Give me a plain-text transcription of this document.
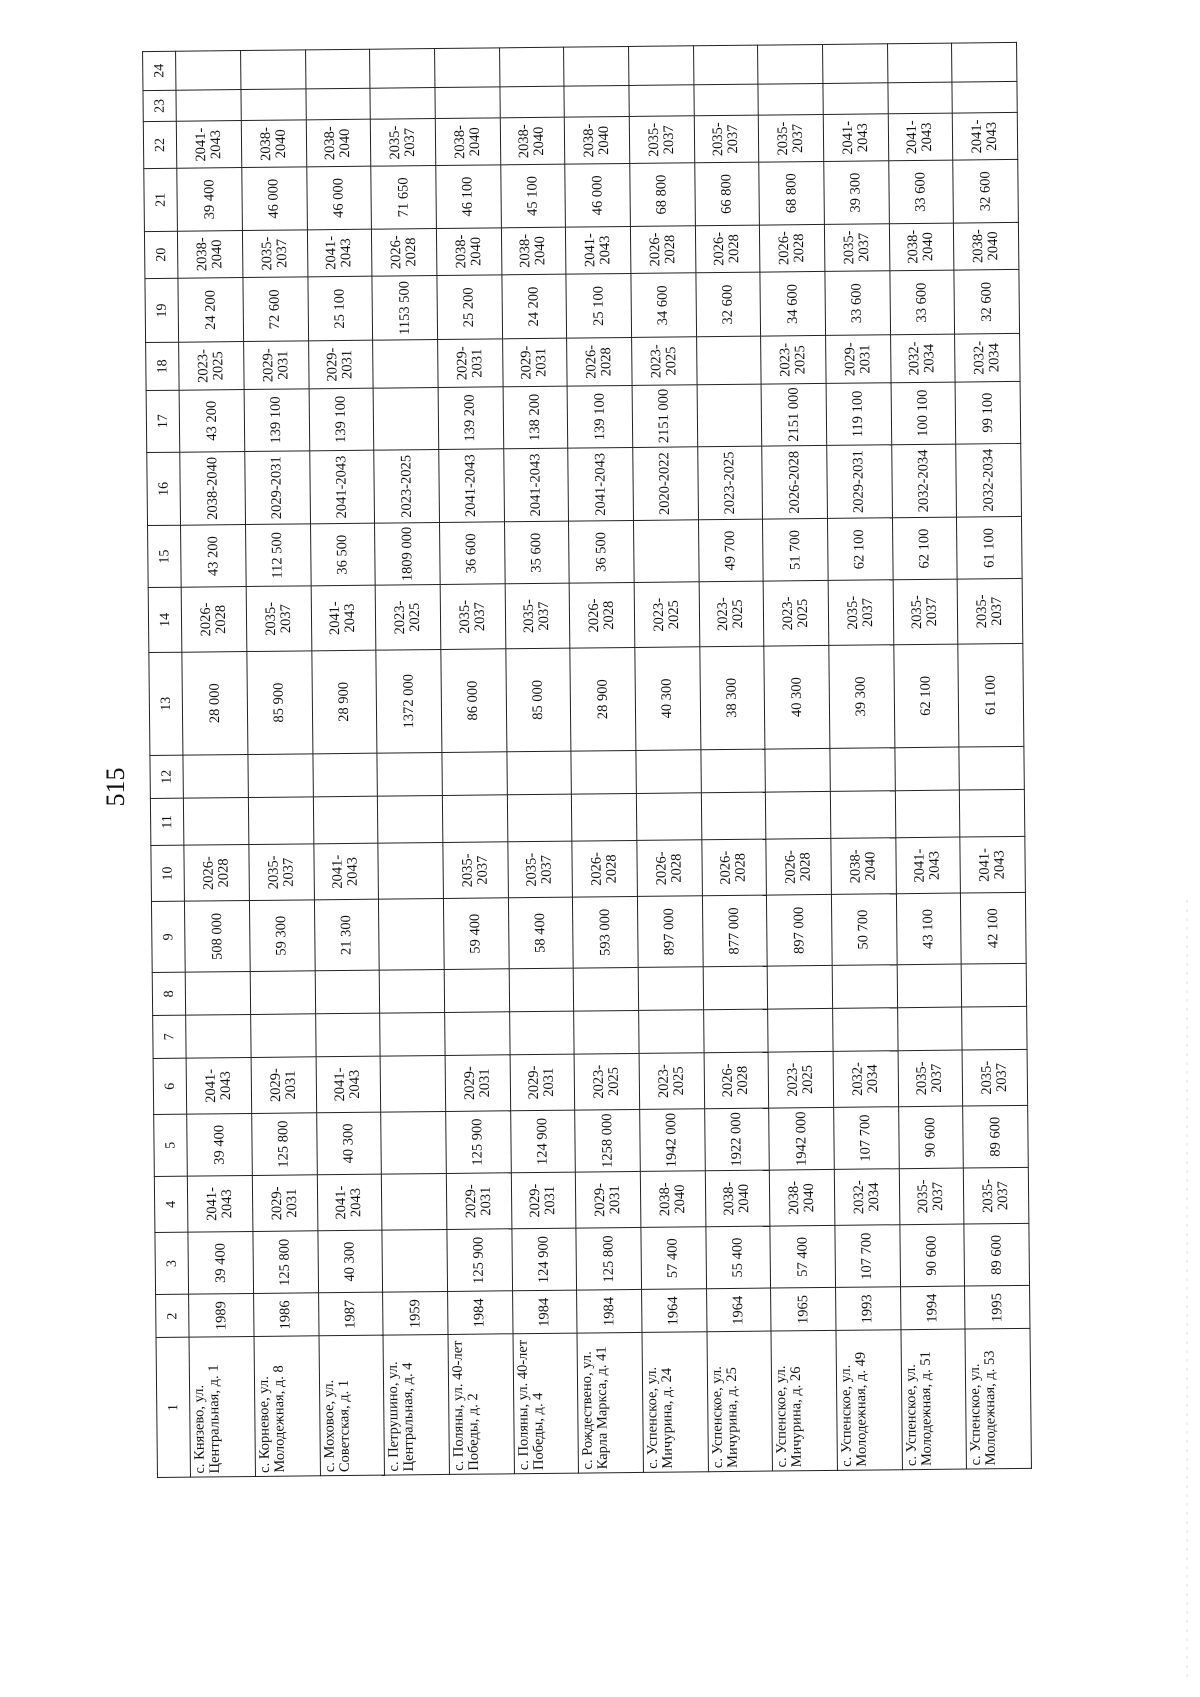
515
1	2	3	4	5	6	7	8	9	10	11	12	13	14	15	16	17	18	19	20	21	22	23	24
с. Князево, ул. Центральная, д. 1	1989	39 400	2041-2043	39 400	2041-2043			508 000	2026-2028			28 000	2026-2028	43 200	2038-2040	43 200	2023-2025	24 200	2038-2040	39 400	2041-2043		
с. Корневое, ул. Молодежная, д. 8	1986	125 800	2029-2031	125 800	2029-2031			59 300	2035-2037			85 900	2035-2037	112 500	2029-2031	139 100	2029-2031	72 600	2035-2037	46 000	2038-2040		
с. Моховое, ул. Советская, д. 1	1987	40 300	2041-2043	40 300	2041-2043			21 300	2041-2043			28 900	2041-2043	36 500	2041-2043	139 100	2029-2031	25 100	2041-2043	46 000	2038-2040		
с. Петрушино, ул. Центральная, д. 4	1959											1372 000	2023-2025	1809 000	2023-2025			1153 500	2026-2028	71 650	2035-2037		
с. Поляны, ул. 40-лет Победы, д. 2	1984	125 900	2029-2031	125 900	2029-2031			59 400	2035-2037			86 000	2035-2037	36 600	2041-2043	139 200	2029-2031	25 200	2038-2040	46 100	2038-2040		
с. Поляны, ул. 40-лет Победы, д. 4	1984	124 900	2029-2031	124 900	2029-2031			58 400	2035-2037			85 000	2035-2037	35 600	2041-2043	138 200	2029-2031	24 200	2038-2040	45 100	2038-2040		
с. Рождествено, ул. Карла Маркса, д. 41	1984	125 800	2029-2031	1258 000	2023-2025			593 000	2026-2028			28 900	2026-2028	36 500	2041-2043	139 100	2026-2028	25 100	2041-2043	46 000	2038-2040		
с. Успенское, ул. Мичурина, д. 24	1964	57 400	2038-2040	1942 000	2023-2025			897 000	2026-2028			40 300	2023-2025		2020-2022	2151 000	2023-2025	34 600	2026-2028	68 800	2035-2037		
с. Успенское, ул. Мичурина, д. 25	1964	55 400	2038-2040	1922 000	2026-2028			877 000	2026-2028			38 300	2023-2025	49 700	2023-2025			32 600	2026-2028	66 800	2035-2037		
с. Успенское, ул. Мичурина, д. 26	1965	57 400	2038-2040	1942 000	2023-2025			897 000	2026-2028			40 300	2023-2025	51 700	2026-2028	2151 000	2023-2025	34 600	2026-2028	68 800	2035-2037		
с. Успенское, ул. Молодежная, д. 49	1993	107 700	2032-2034	107 700	2032-2034			50 700	2038-2040			39 300	2035-2037	62 100	2029-2031	119 100	2029-2031	33 600	2035-2037	39 300	2041-2043		
с. Успенское, ул. Молодежная, д. 51	1994	90 600	2035-2037	90 600	2035-2037			43 100	2041-2043			62 100	2035-2037	62 100	2032-2034	100 100	2032-2034	33 600	2038-2040	33 600	2041-2043		
с. Успенское, ул. Молодежная, д. 53	1995	89 600	2035-2037	89 600	2035-2037			42 100	2041-2043			61 100	2035-2037	61 100	2032-2034	99 100	2032-2034	32 600	2038-2040	32 600	2041-2043		
